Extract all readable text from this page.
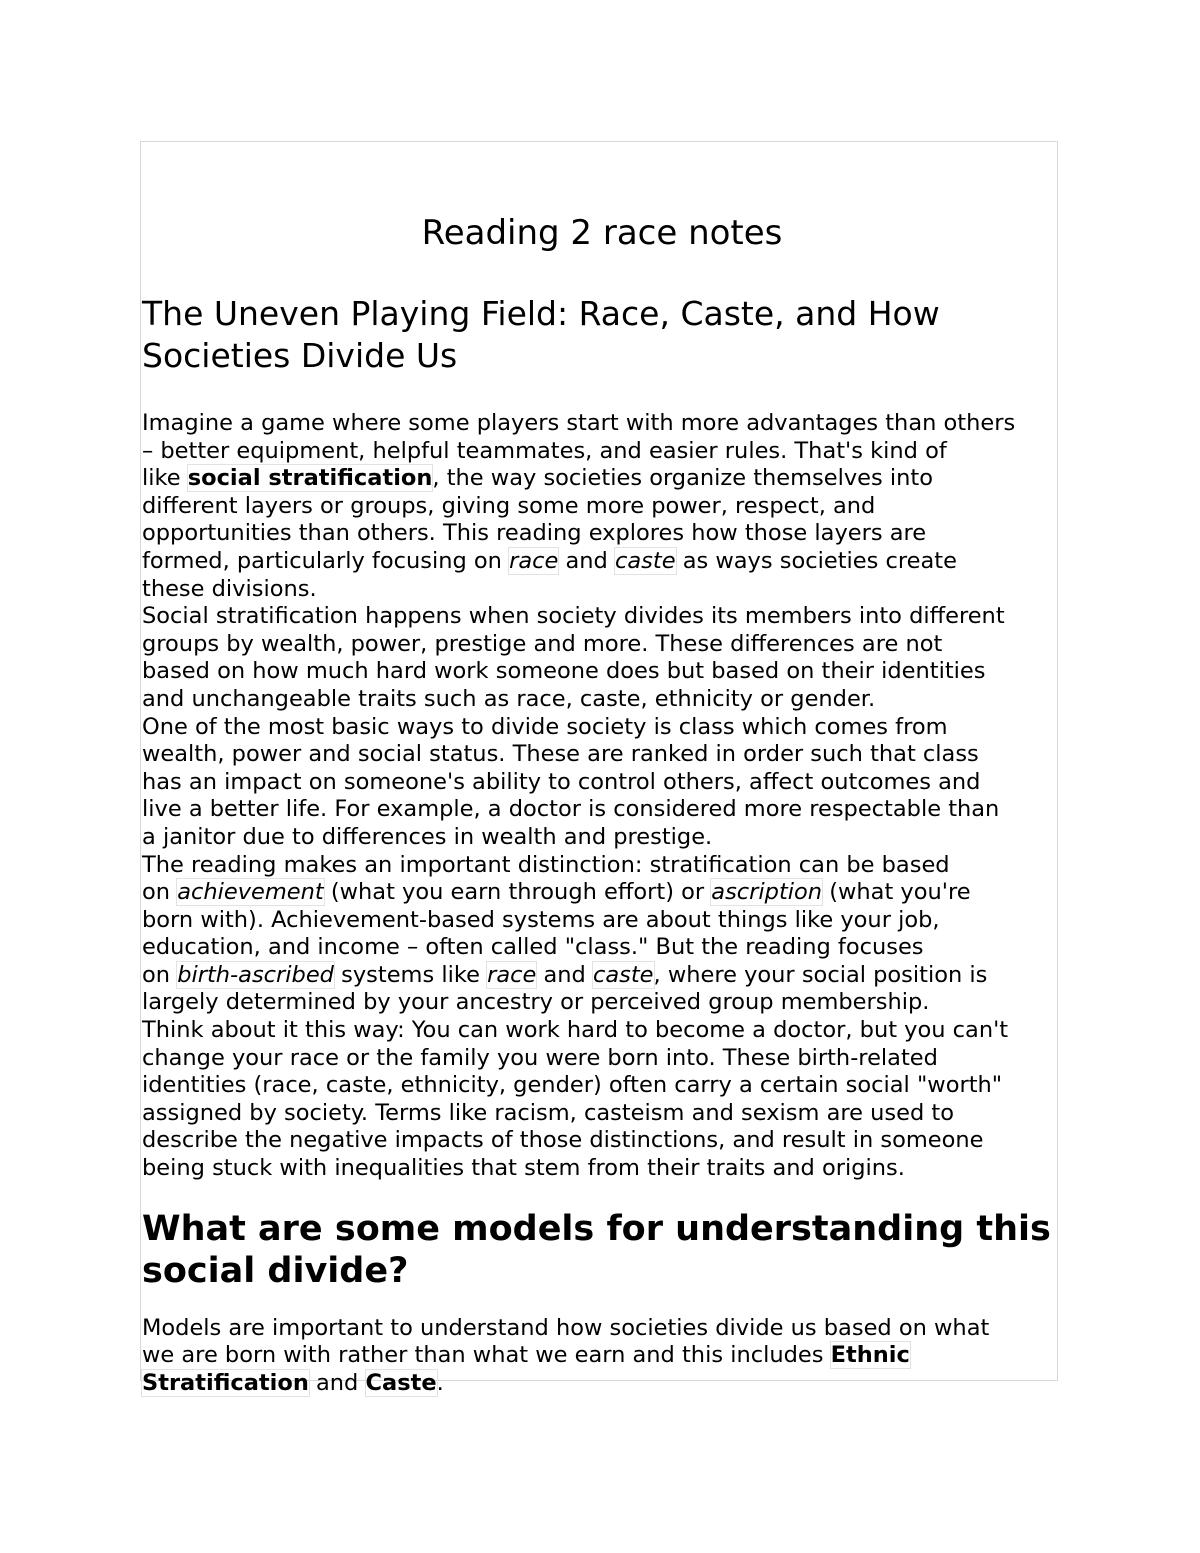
Reading 2 race notes
The Uneven Playing Field: Race, Caste, and How
Societies Divide Us

Imagine a game where some players start with more advantages than others
– better equipment, helpful teammates, and easier rules. That's kind of
like social stratification, the way societies organize themselves into
different layers or groups, giving some more power, respect, and
opportunities than others. This reading explores how those layers are
formed, particularly focusing on race and caste as ways societies create
these divisions.

Social stratification happens when society divides its members into different
groups by wealth, power, prestige and more. These differences are not
based on how much hard work someone does but based on their identities
and unchangeable traits such as race, caste, ethnicity or gender.

One of the most basic ways to divide society is class which comes from
wealth, power and social status. These are ranked in order such that class
has an impact on someone's ability to control others, affect outcomes and
live a better life. For example, a doctor is considered more respectable than
a janitor due to differences in wealth and prestige.

The reading makes an important distinction: stratification can be based
on achievement (what you earn through effort) or ascription (what you're
born with). Achievement-based systems are about things like your job,
education, and income – often called "class." But the reading focuses
on birth-ascribed systems like race and caste, where your social position is
largely determined by your ancestry or perceived group membership.

Think about it this way: You can work hard to become a doctor, but you can't
change your race or the family you were born into. These birth-related
identities (race, caste, ethnicity, gender) often carry a certain social "worth"
assigned by society. Terms like racism, casteism and sexism are used to
describe the negative impacts of those distinctions, and result in someone
being stuck with inequalities that stem from their traits and origins.

What are some models for understanding this
social divide?

Models are important to understand how societies divide us based on what
we are born with rather than what we earn and this includes Ethnic
Stratification and Caste.
